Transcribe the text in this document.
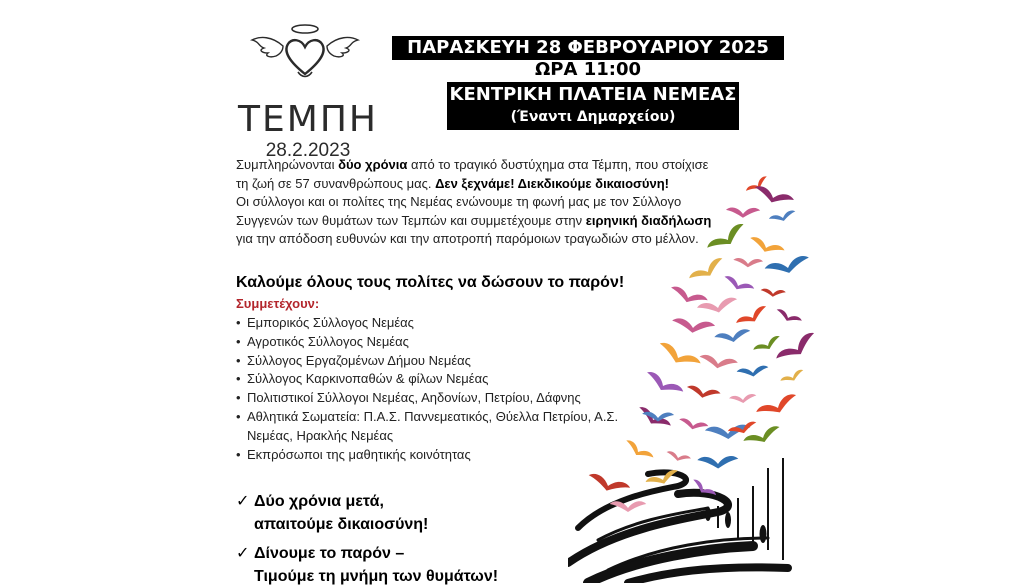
ΤΕΜΠΗ
28.2.2023
ΠΑΡΑΣΚΕΥΗ 28 ΦΕΒΡΟΥΑΡΙΟΥ 2025
ΩΡΑ 11:00
ΚΕΝΤΡΙΚΗ ΠΛΑΤΕΙΑ ΝΕΜΕΑΣ
(Έναντι Δημαρχείου)
Συμπληρώνονται δύο χρόνια από το τραγικό δυστύχημα στα Τέμπη, που στοίχισε τη ζωή σε 57 συνανθρώπους μας. Δεν ξεχνάμε! Διεκδικούμε δικαιοσύνη!
Οι σύλλογοι και οι πολίτες της Νεμέας ενώνουμε τη φωνή μας με τον Σύλλογο Συγγενών των θυμάτων των Τεμπών και συμμετέχουμε στην ειρηνική διαδήλωση για την απόδοση ευθυνών και την αποτροπή παρόμοιων τραγωδιών στο μέλλον.
Καλούμε όλους τους πολίτες να δώσουν το παρόν!
Συμμετέχουν:
• Εμπορικός Σύλλογος Νεμέας
• Αγροτικός Σύλλογος Νεμέας
• Σύλλογος Εργαζομένων Δήμου Νεμέας
• Σύλλογος Καρκινοπαθών & φίλων Νεμέας
• Πολιτιστικοί Σύλλογοι Νεμέας, Αηδονίων, Πετρίου, Δάφνης
• Αθλητικά Σωματεία: Π.Α.Σ. Παννεμεατικός, Θύελλα Πετρίου, Α.Σ. Νεμέας, Ηρακλής Νεμέας
• Εκπρόσωποι της μαθητικής κοινότητας
✓ Δύο χρόνια μετά,
απαιτούμε δικαιοσύνη!
✓ Δίνουμε το παρόν –
Τιμούμε τη μνήμη των θυμάτων!
